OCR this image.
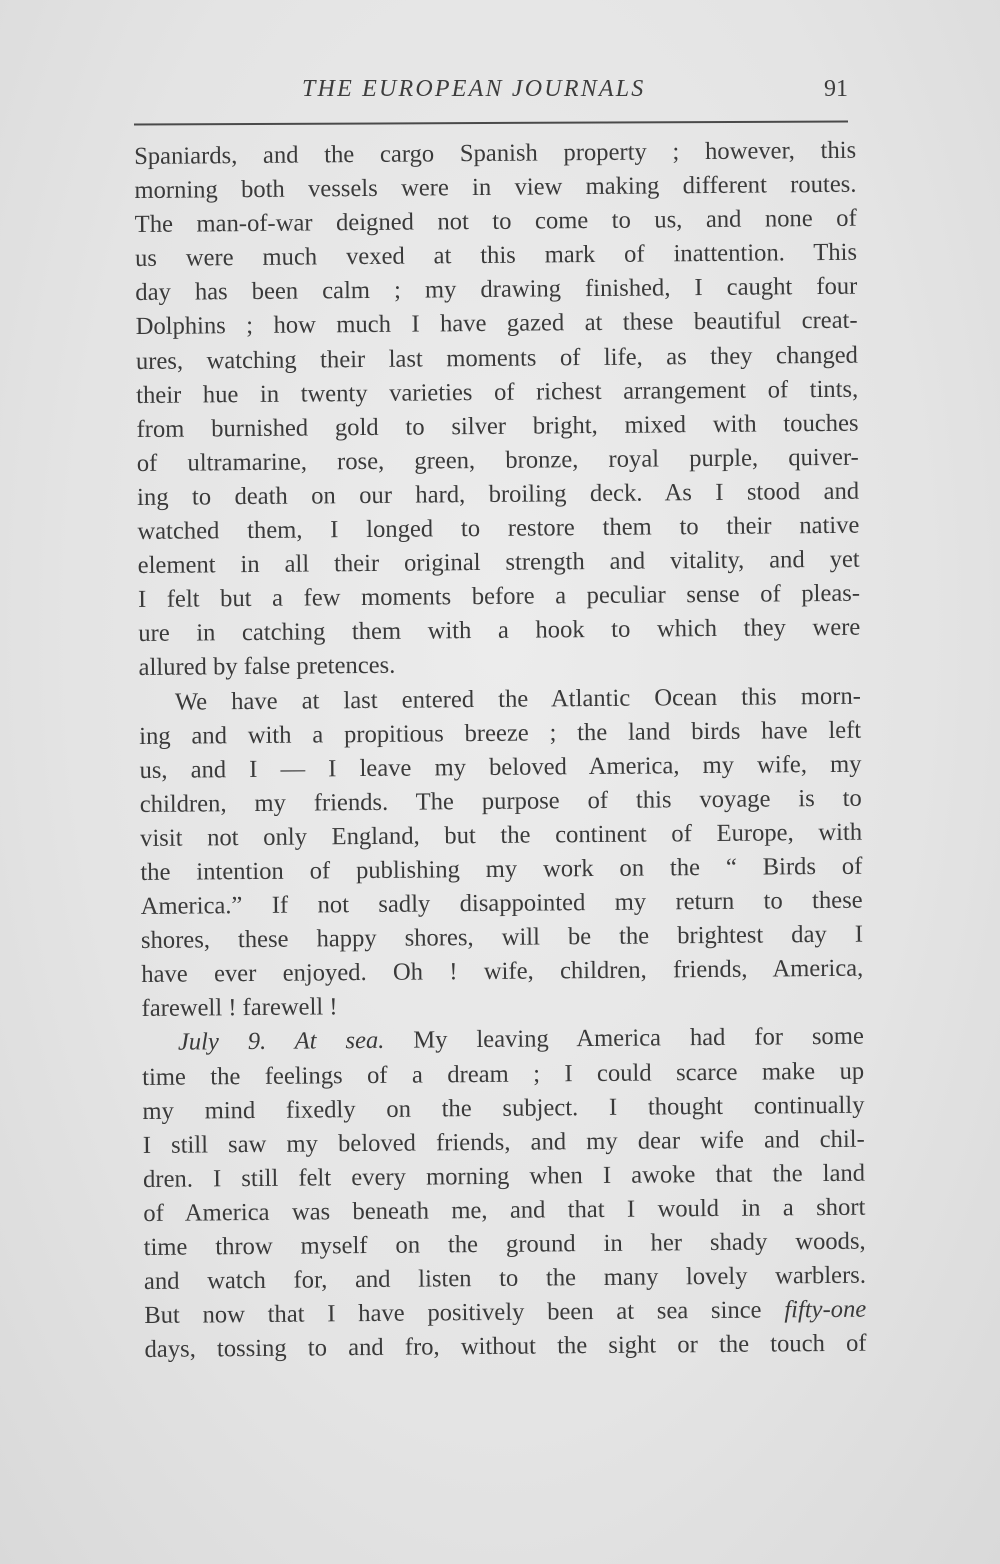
THE EUROPEAN JOURNALS	91
Spaniards, and the cargo Spanish property ; however, this
morning both vessels were in view making different routes.
The man-of-war deigned not to come to us, and none of
us were much vexed at this mark of inattention. This
day has been calm ; my drawing finished, I caught four
Dolphins ; how much I have gazed at these beautiful creat-
ures, watching their last moments of life, as they changed
their hue in twenty varieties of richest arrangement of tints,
from burnished gold to silver bright, mixed with touches
of ultramarine, rose, green, bronze, royal purple, quiver-
ing to death on our hard, broiling deck. As I stood and
watched them, I longed to restore them to their native
element in all their original strength and vitality, and yet
I felt but a few moments before a peculiar sense of pleas-
ure in catching them with a hook to which they were
allured by false pretences.
We have at last entered the Atlantic Ocean this morn-
ing and with a propitious breeze ; the land birds have left
us, and I — I leave my beloved America, my wife, my
children, my friends. The purpose of this voyage is to
visit not only England, but the continent of Europe, with
the intention of publishing my work on the “ Birds of
America.” If not sadly disappointed my return to these
shores, these happy shores, will be the brightest day I
have ever enjoyed. Oh ! wife, children, friends, America,
farewell ! farewell !
July 9. At sea. My leaving America had for some
time the feelings of a dream ; I could scarce make up
my mind fixedly on the subject. I thought continually
I still saw my beloved friends, and my dear wife and chil-
dren. I still felt every morning when I awoke that the land
of America was beneath me, and that I would in a short
time throw myself on the ground in her shady woods,
and watch for, and listen to the many lovely warblers.
But now that I have positively been at sea since fifty-one
days, tossing to and fro, without the sight or the touch of
